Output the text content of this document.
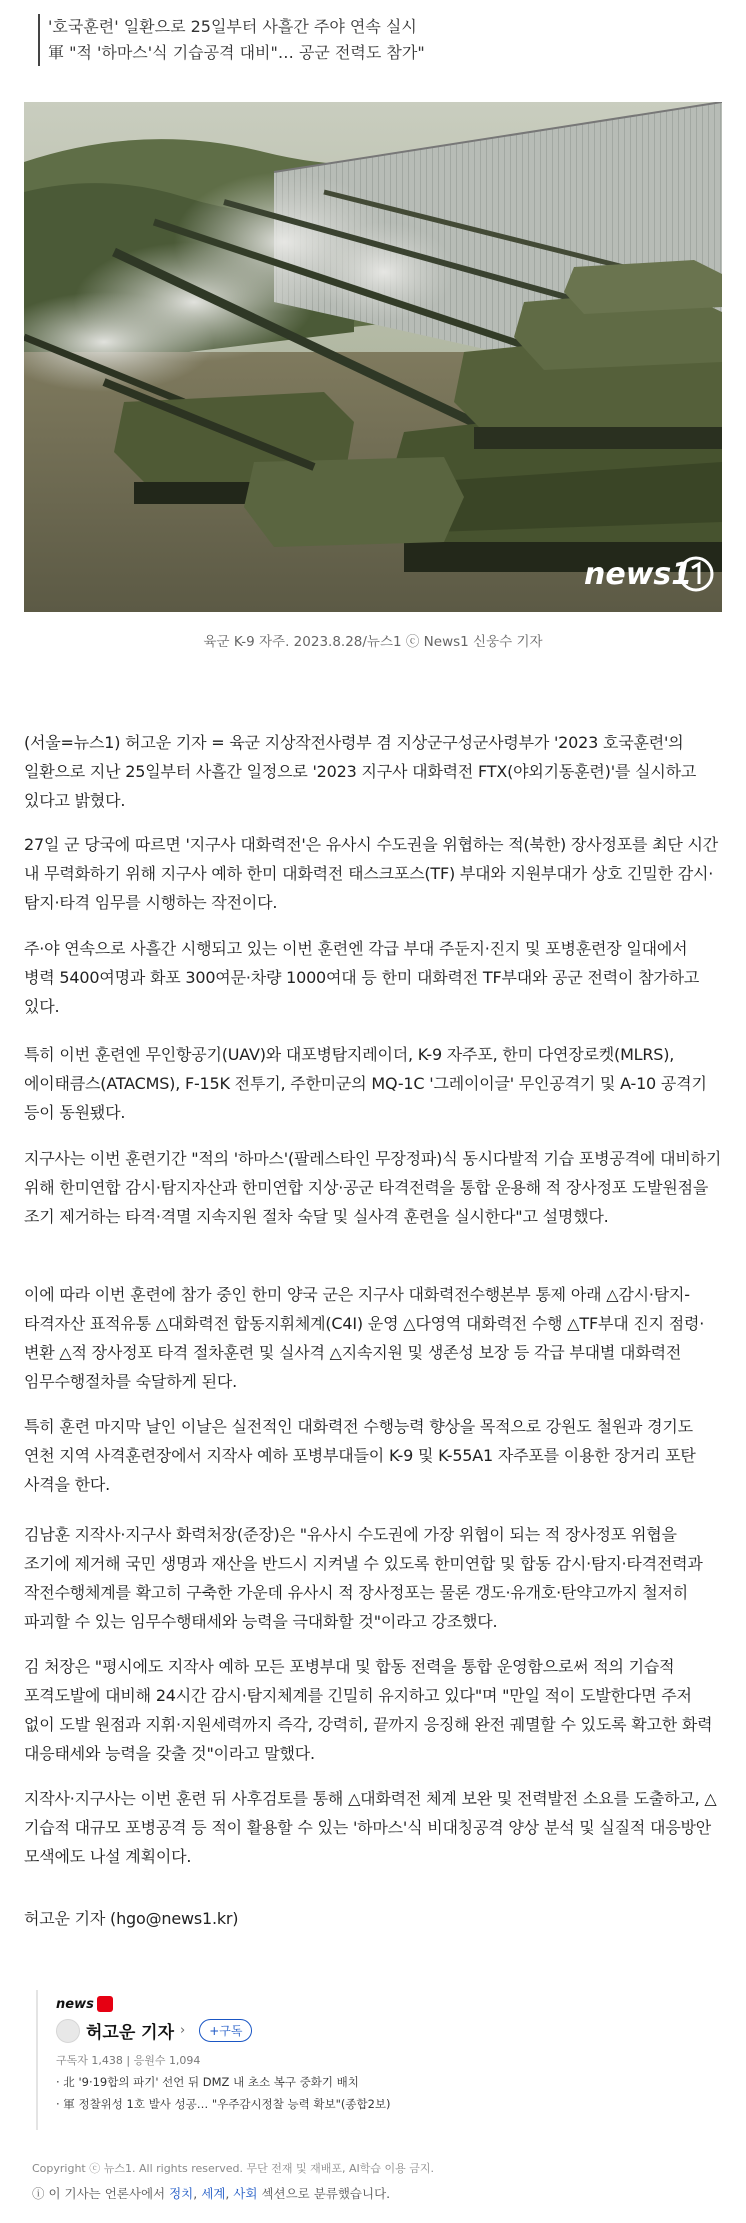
'호국훈련' 일환으로 25일부터 사흘간 주야 연속 실시
軍 "적 '하마스'식 기습공격 대비"… 공군 전력도 참가"
news1
육군 K-9 자주. 2023.8.28/뉴스1 ⓒ News1 신웅수 기자

(서울=뉴스1) 허고운 기자 = 육군 지상작전사령부 겸 지상군구성군사령부가 '2023 호국훈련'의 일환으로 지난 25일부터 사흘간 일정으로 '2023 지구사 대화력전 FTX(야외기동훈련)'를 실시하고 있다고 밝혔다.

27일 군 당국에 따르면 '지구사 대화력전'은 유사시 수도권을 위협하는 적(북한) 장사정포를 최단 시간 내 무력화하기 위해 지구사 예하 한미 대화력전 태스크포스(TF) 부대와 지원부대가 상호 긴밀한 감시·탐지·타격 임무를 시행하는 작전이다.

주·야 연속으로 사흘간 시행되고 있는 이번 훈련엔 각급 부대 주둔지·진지 및 포병훈련장 일대에서 병력 5400여명과 화포 300여문·차량 1000여대 등 한미 대화력전 TF부대와 공군 전력이 참가하고 있다.

특히 이번 훈련엔 무인항공기(UAV)와 대포병탐지레이더, K-9 자주포, 한미 다연장로켓(MLRS), 에이태큼스(ATACMS), F-15K 전투기, 주한미군의 MQ-1C '그레이이글' 무인공격기 및 A-10 공격기 등이 동원됐다.

지구사는 이번 훈련기간 "적의 '하마스'(팔레스타인 무장정파)식 동시다발적 기습 포병공격에 대비하기 위해 한미연합 감시·탐지자산과 한미연합 지상·공군 타격전력을 통합 운용해 적 장사정포 도발원점을 조기 제거하는 타격·격멸 지속지원 절차 숙달 및 실사격 훈련을 실시한다"고 설명했다.

이에 따라 이번 훈련에 참가 중인 한미 양국 군은 지구사 대화력전수행본부 통제 아래 △감시·탐지-타격자산 표적유통 △대화력전 합동지휘체계(C4I) 운영 △다영역 대화력전 수행 △TF부대 진지 점령·변환 △적 장사정포 타격 절차훈련 및 실사격 △지속지원 및 생존성 보장 등 각급 부대별 대화력전 임무수행절차를 숙달하게 된다.

특히 훈련 마지막 날인 이날은 실전적인 대화력전 수행능력 향상을 목적으로 강원도 철원과 경기도 연천 지역 사격훈련장에서 지작사 예하 포병부대들이 K-9 및 K-55A1 자주포를 이용한 장거리 포탄 사격을 한다.

김남훈 지작사·지구사 화력처장(준장)은 "유사시 수도권에 가장 위협이 되는 적 장사정포 위협을 조기에 제거해 국민 생명과 재산을 반드시 지켜낼 수 있도록 한미연합 및 합동 감시·탐지·타격전력과 작전수행체계를 확고히 구축한 가운데 유사시 적 장사정포는 물론 갱도·유개호·탄약고까지 철저히 파괴할 수 있는 임무수행태세와 능력을 극대화할 것"이라고 강조했다.

김 처장은 "평시에도 지작사 예하 모든 포병부대 및 합동 전력을 통합 운영함으로써 적의 기습적 포격도발에 대비해 24시간 감시·탐지체계를 긴밀히 유지하고 있다"며 "만일 적이 도발한다면 주저 없이 도발 원점과 지휘·지원세력까지 즉각, 강력히, 끝까지 응징해 완전 궤멸할 수 있도록 확고한 화력 대응태세와 능력을 갖출 것"이라고 말했다.

지작사·지구사는 이번 훈련 뒤 사후검토를 통해 △대화력전 체계 보완 및 전력발전 소요를 도출하고, △기습적 대규모 포병공격 등 적이 활용할 수 있는 '하마스'식 비대칭공격 양상 분석 및 실질적 대응방안 모색에도 나설 계획이다.

허고운 기자 (hgo@news1.kr)

news
허고운 기자 ›	+구독
구독자 1,438 | 응원수 1,094
· 北 '9·19합의 파기' 선언 뒤 DMZ 내 초소 복구 중화기 배치
· 軍 정찰위성 1호 발사 성공… "우주감시정찰 능력 확보"(종합2보)
Copyright ⓒ 뉴스1. All rights reserved. 무단 전재 및 재배포, AI학습 이용 금지.
ⓘ 이 기사는 언론사에서 정치, 세계, 사회 섹션으로 분류했습니다.
